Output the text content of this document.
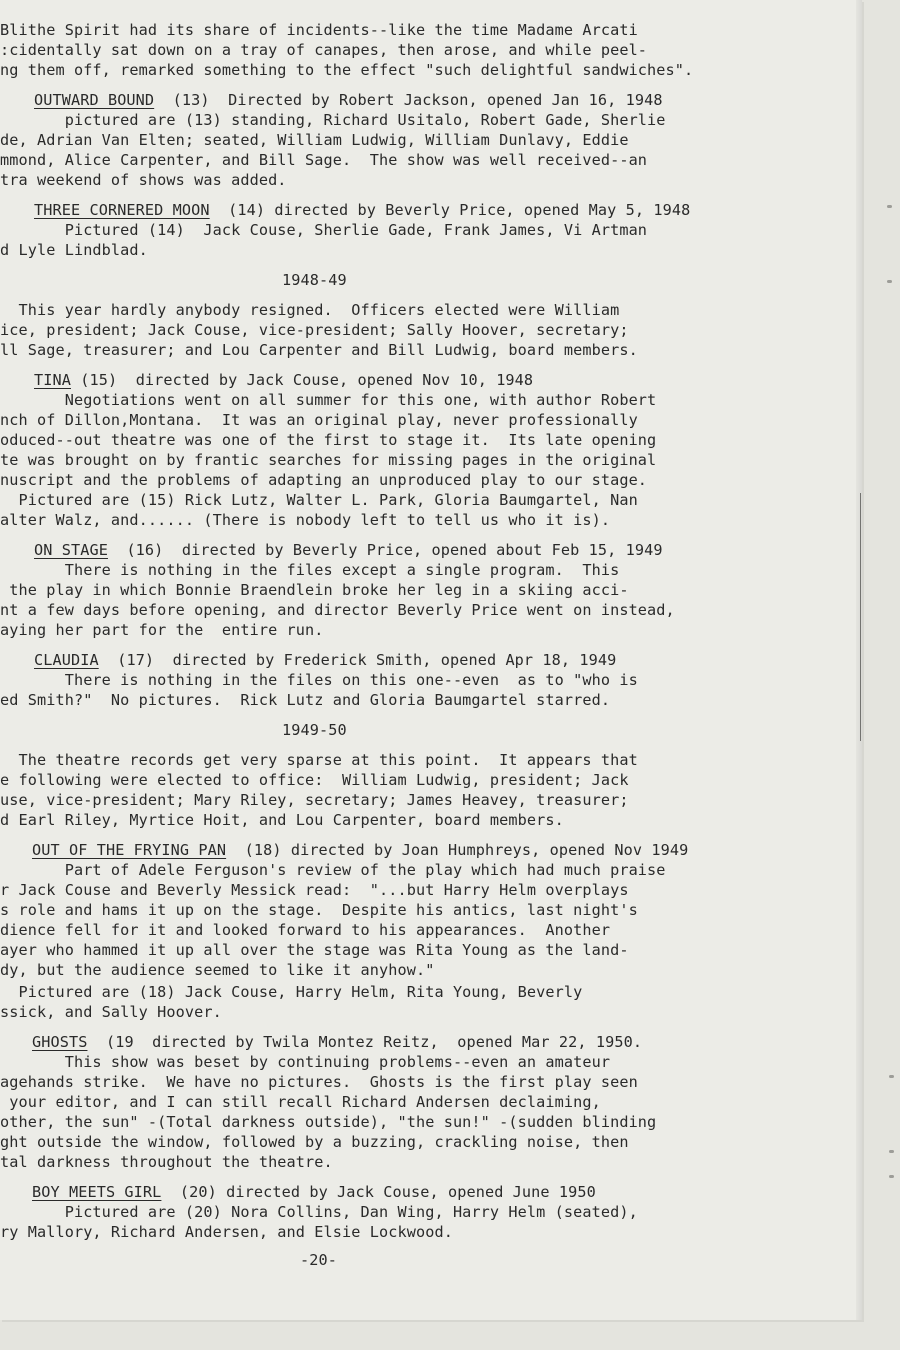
Blithe Spirit had its share of incidents--like the time Madame Arcati
:cidentally sat down on a tray of canapes, then arose, and while peel-
ng them off, remarked something to the effect "such delightful sandwiches".
OUTWARD BOUND  (13)  Directed by Robert Jackson, opened Jan 16, 1948
pictured are (13) standing, Richard Usitalo, Robert Gade, Sherlie
de, Adrian Van Elten; seated, William Ludwig, William Dunlavy, Eddie
mmond, Alice Carpenter, and Bill Sage.  The show was well received--an
tra weekend of shows was added.
THREE CORNERED MOON  (14) directed by Beverly Price, opened May 5, 1948
Pictured (14)  Jack Couse, Sherlie Gade, Frank James, Vi Artman
d Lyle Lindblad.
1948-49
This year hardly anybody resigned.  Officers elected were William
ice, president; Jack Couse, vice-president; Sally Hoover, secretary;
ll Sage, treasurer; and Lou Carpenter and Bill Ludwig, board members.
TINA (15)  directed by Jack Couse, opened Nov 10, 1948
Negotiations went on all summer for this one, with author Robert
nch of Dillon,Montana.  It was an original play, never professionally
oduced--out theatre was one of the first to stage it.  Its late opening
te was brought on by frantic searches for missing pages in the original
nuscript and the problems of adapting an unproduced play to our stage.
Pictured are (15) Rick Lutz, Walter L. Park, Gloria Baumgartel, Nan
alter Walz, and...... (There is nobody left to tell us who it is).
ON STAGE  (16)  directed by Beverly Price, opened about Feb 15, 1949
There is nothing in the files except a single program.  This
the play in which Bonnie Braendlein broke her leg in a skiing acci-
nt a few days before opening, and director Beverly Price went on instead,
aying her part for the  entire run.
CLAUDIA  (17)  directed by Frederick Smith, opened Apr 18, 1949
There is nothing in the files on this one--even  as to "who is
ed Smith?"  No pictures.  Rick Lutz and Gloria Baumgartel starred.
1949-50
The theatre records get very sparse at this point.  It appears that
e following were elected to office:  William Ludwig, president; Jack
use, vice-president; Mary Riley, secretary; James Heavey, treasurer;
d Earl Riley, Myrtice Hoit, and Lou Carpenter, board members.
OUT OF THE FRYING PAN  (18) directed by Joan Humphreys, opened Nov 1949
Part of Adele Ferguson's review of the play which had much praise
r Jack Couse and Beverly Messick read:  "...but Harry Helm overplays
s role and hams it up on the stage.  Despite his antics, last night's
dience fell for it and looked forward to his appearances.  Another
ayer who hammed it up all over the stage was Rita Young as the land-
dy, but the audience seemed to like it anyhow."
Pictured are (18) Jack Couse, Harry Helm, Rita Young, Beverly
ssick, and Sally Hoover.
GHOSTS  (19  directed by Twila Montez Reitz,  opened Mar 22, 1950.
This show was beset by continuing problems--even an amateur
agehands strike.  We have no pictures.  Ghosts is the first play seen
your editor, and I can still recall Richard Andersen declaiming,
other, the sun" -(Total darkness outside), "the sun!" -(sudden blinding
ght outside the window, followed by a buzzing, crackling noise, then
tal darkness throughout the theatre.
BOY MEETS GIRL  (20) directed by Jack Couse, opened June 1950
Pictured are (20) Nora Collins, Dan Wing, Harry Helm (seated),
ry Mallory, Richard Andersen, and Elsie Lockwood.
-20-
